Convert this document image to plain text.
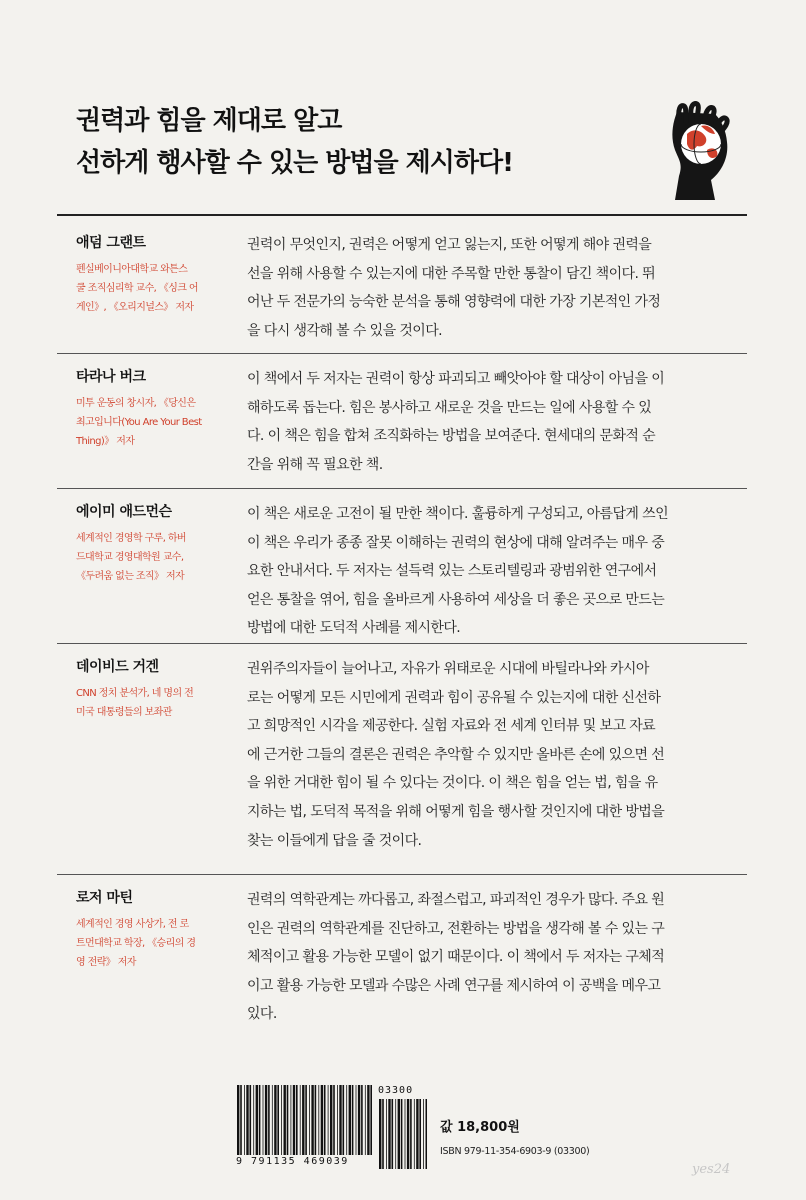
권력과 힘을 제대로 알고
선하게 행사할 수 있는 방법을 제시하다!
애덤 그랜트
펜실베이니아대학교 와튼스
쿨 조직심리학 교수, 《싱크 어
게인》, 《오리지널스》 저자
권력이 무엇인지, 권력은 어떻게 얻고 잃는지, 또한 어떻게 해야 권력을
선을 위해 사용할 수 있는지에 대한 주목할 만한 통찰이 담긴 책이다. 뛰
어난 두 전문가의 능숙한 분석을 통해 영향력에 대한 가장 기본적인 가정
을 다시 생각해 볼 수 있을 것이다.
타라나 버크
미투 운동의 창시자, 《당신은
최고입니다(You Are Your Best
Thing)》 저자
이 책에서 두 저자는 권력이 항상 파괴되고 빼앗아야 할 대상이 아님을 이
해하도록 돕는다. 힘은 봉사하고 새로운 것을 만드는 일에 사용할 수 있
다. 이 책은 힘을 합쳐 조직화하는 방법을 보여준다. 현세대의 문화적 순
간을 위해 꼭 필요한 책.
에이미 애드먼슨
세계적인 경영학 구루, 하버
드대학교 경영대학원 교수,
《두려움 없는 조직》 저자
이 책은 새로운 고전이 될 만한 책이다. 훌륭하게 구성되고, 아름답게 쓰인
이 책은 우리가 종종 잘못 이해하는 권력의 현상에 대해 알려주는 매우 중
요한 안내서다. 두 저자는 설득력 있는 스토리텔링과 광범위한 연구에서
얻은 통찰을 엮어, 힘을 올바르게 사용하여 세상을 더 좋은 곳으로 만드는
방법에 대한 도덕적 사례를 제시한다.
데이비드 거겐
CNN 정치 분석가, 네 명의 전
미국 대통령들의 보좌관
권위주의자들이 늘어나고, 자유가 위태로운 시대에 바틸라나와 카시아
로는 어떻게 모든 시민에게 권력과 힘이 공유될 수 있는지에 대한 신선하
고 희망적인 시각을 제공한다. 실험 자료와 전 세계 인터뷰 및 보고 자료
에 근거한 그들의 결론은 권력은 추악할 수 있지만 올바른 손에 있으면 선
을 위한 거대한 힘이 될 수 있다는 것이다. 이 책은 힘을 얻는 법, 힘을 유
지하는 법, 도덕적 목적을 위해 어떻게 힘을 행사할 것인지에 대한 방법을
찾는 이들에게 답을 줄 것이다.
로저 마틴
세계적인 경영 사상가, 전 로
트먼대학교 학장, 《승리의 경
영 전략》 저자
권력의 역학관계는 까다롭고, 좌절스럽고, 파괴적인 경우가 많다. 주요 원
인은 권력의 역학관계를 진단하고, 전환하는 방법을 생각해 볼 수 있는 구
체적이고 활용 가능한 모델이 없기 때문이다. 이 책에서 두 저자는 구체적
이고 활용 가능한 모델과 수많은 사례 연구를 제시하여 이 공백을 메우고
있다.
9 791135 469039
03300
값 18,800원
ISBN 979-11-354-6903-9 (03300)
yes24
